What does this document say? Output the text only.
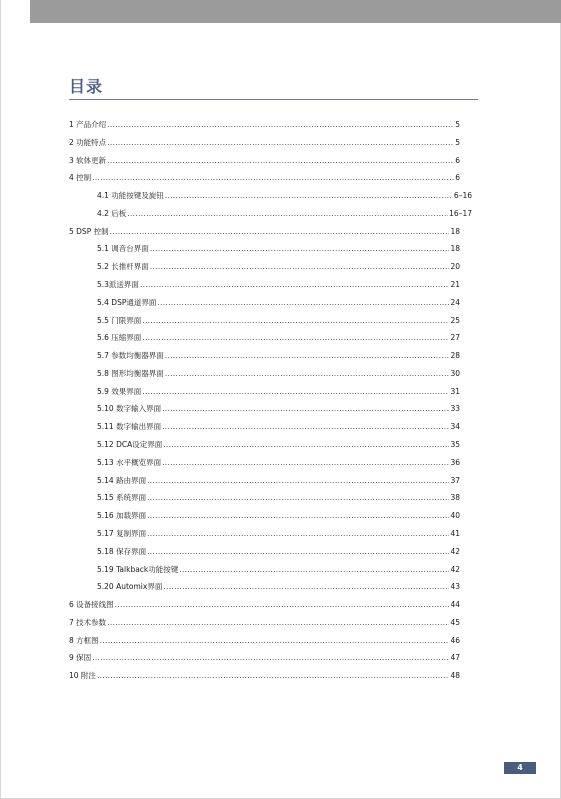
目录
1 产品介绍 .....	5
2 功能特点 .....	5
3 软体更新 .....	6
4 控制 .....	6
4.1 功能按键及旋钮 .....	6–16
4.2 后板 .....	16–17
5 DSP 控制 .....	18
5.1 调音台界面 .....	18
5.2 长推杆界面 .....	20
5.3派送界面 .....	21
5.4 DSP通道界面 .....	24
5.5 门限界面 .....	25
5.6 压缩界面 .....	27
5.7 参数均衡器界面 .....	28
5.8 图形均衡器界面 .....	30
5.9 效果界面 .....	31
5.10 数字输入界面 .....	33
5.11 数字输出界面 .....	34
5.12 DCA设定界面 .....	35
5.13 水平概览界面 .....	36
5.14 路由界面 .....	37
5.15 系统界面 .....	38
5.16 加载界面 .....	40
5.17 复制界面 .....	41
5.18 保存界面 .....	42
5.19 Talkback功能按键 .....	42
5.20 Automix界面 .....	43
6 设备接线图 .....	44
7 技术参数 .....	45
8 方框图 .....	46
9 保固 .....	47
10 附注 .....	48
4
